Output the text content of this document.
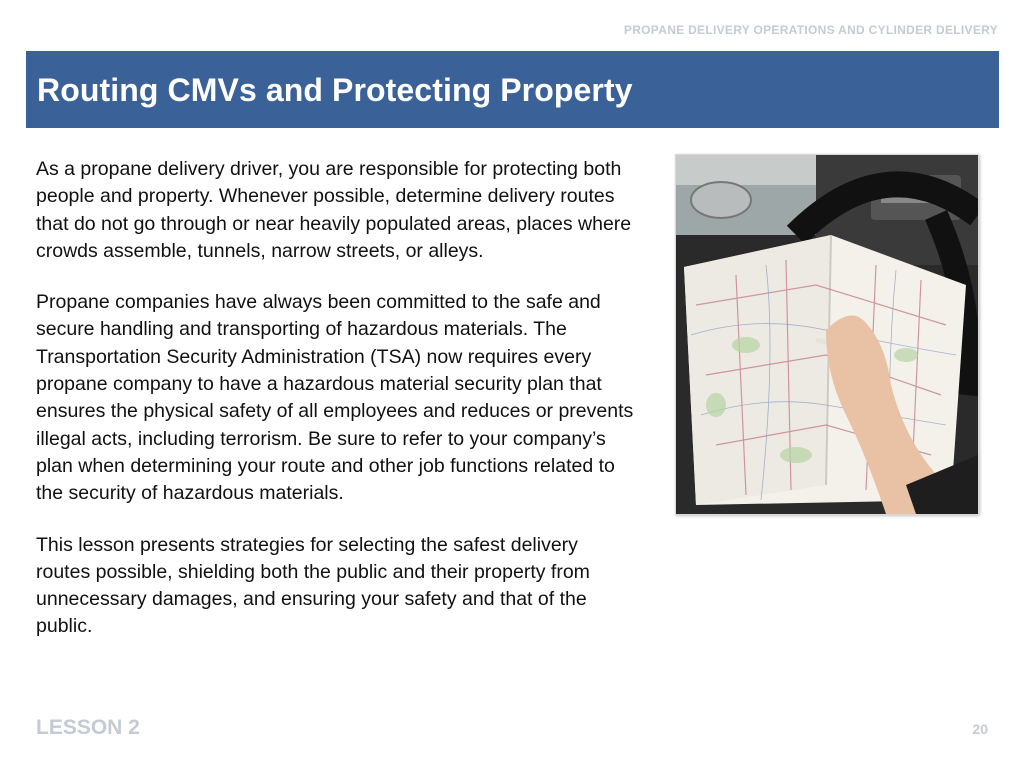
PROPANE DELIVERY OPERATIONS AND CYLINDER DELIVERY
Routing CMVs and Protecting Property

As a propane delivery driver, you are responsible for protecting both people and property. Whenever possible, determine delivery routes that do not go through or near heavily populated areas, places where crowds assemble, tunnels, narrow streets, or alleys.

Propane companies have always been committed to the safe and secure handling and transporting of hazardous materials. The Transportation Security Administration (TSA) now requires every propane company to have a hazardous material security plan that ensures the physical safety of all employees and reduces or prevents illegal acts, including terrorism. Be sure to refer to your company’s plan when determining your route and other job functions related to the security of hazardous materials.

This lesson presents strategies for selecting the safest delivery routes possible, shielding both the public and their property from unnecessary damages, and ensuring your safety and that of the public.

LESSON 2	20
